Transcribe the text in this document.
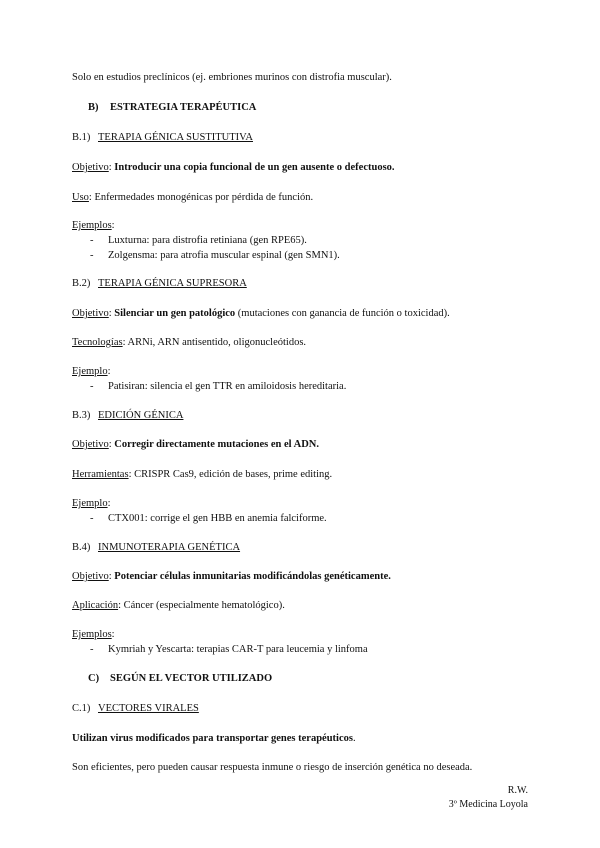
Solo en estudios preclínicos (ej. embriones murinos con distrofia muscular).
B) ESTRATEGIA TERAPÉUTICA
B.1) TERAPIA GÉNICA SUSTITUTIVA
Objetivo: Introducir una copia funcional de un gen ausente o defectuoso.
Uso: Enfermedades monogénicas por pérdida de función.
Ejemplos:
- Luxturna: para distrofia retiniana (gen RPE65).
- Zolgensma: para atrofia muscular espinal (gen SMN1).
B.2) TERAPIA GÉNICA SUPRESORA
Objetivo: Silenciar un gen patológico (mutaciones con ganancia de función o toxicidad).
Tecnologías: ARNi, ARN antisentido, oligonucleótidos.
Ejemplo:
- Patisiran: silencia el gen TTR en amiloidosis hereditaria.
B.3) EDICIÓN GÉNICA
Objetivo: Corregir directamente mutaciones en el ADN.
Herramientas: CRISPR Cas9, edición de bases, prime editing.
Ejemplo:
- CTX001: corrige el gen HBB en anemia falciforme.
B.4) INMUNOTERAPIA GENÉTICA
Objetivo: Potenciar células inmunitarias modificándolas genéticamente.
Aplicación: Cáncer (especialmente hematológico).
Ejemplos:
- Kymriah y Yescarta: terapias CAR-T para leucemia y linfoma
C) SEGÚN EL VECTOR UTILIZADO
C.1) VECTORES VIRALES
Utilizan virus modificados para transportar genes terapéuticos.
Son eficientes, pero pueden causar respuesta inmune o riesgo de inserción genética no deseada.
R.W.
3º Medicina Loyola
